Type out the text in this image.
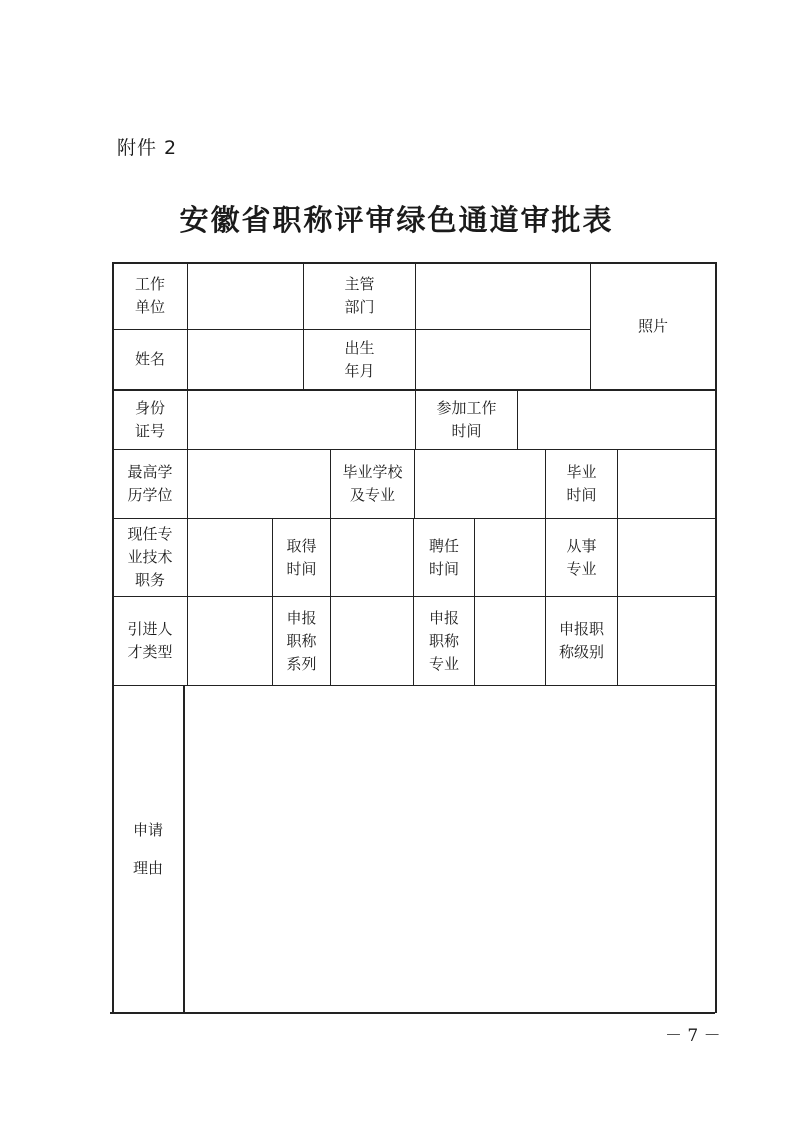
附件 2
安徽省职称评审绿色通道审批表
工作
单位
主管
部门
照片
姓名
出生
年月
身份
证号
参加工作
时间
最高学
历学位
毕业学校
及专业
毕业
时间
现任专
业技术
职务
取得
时间
聘任
时间
从事
专业
引进人
才类型
申报
职称
系列
申报
职称
专业
申报职
称级别
申请
理由
－ 7 －
